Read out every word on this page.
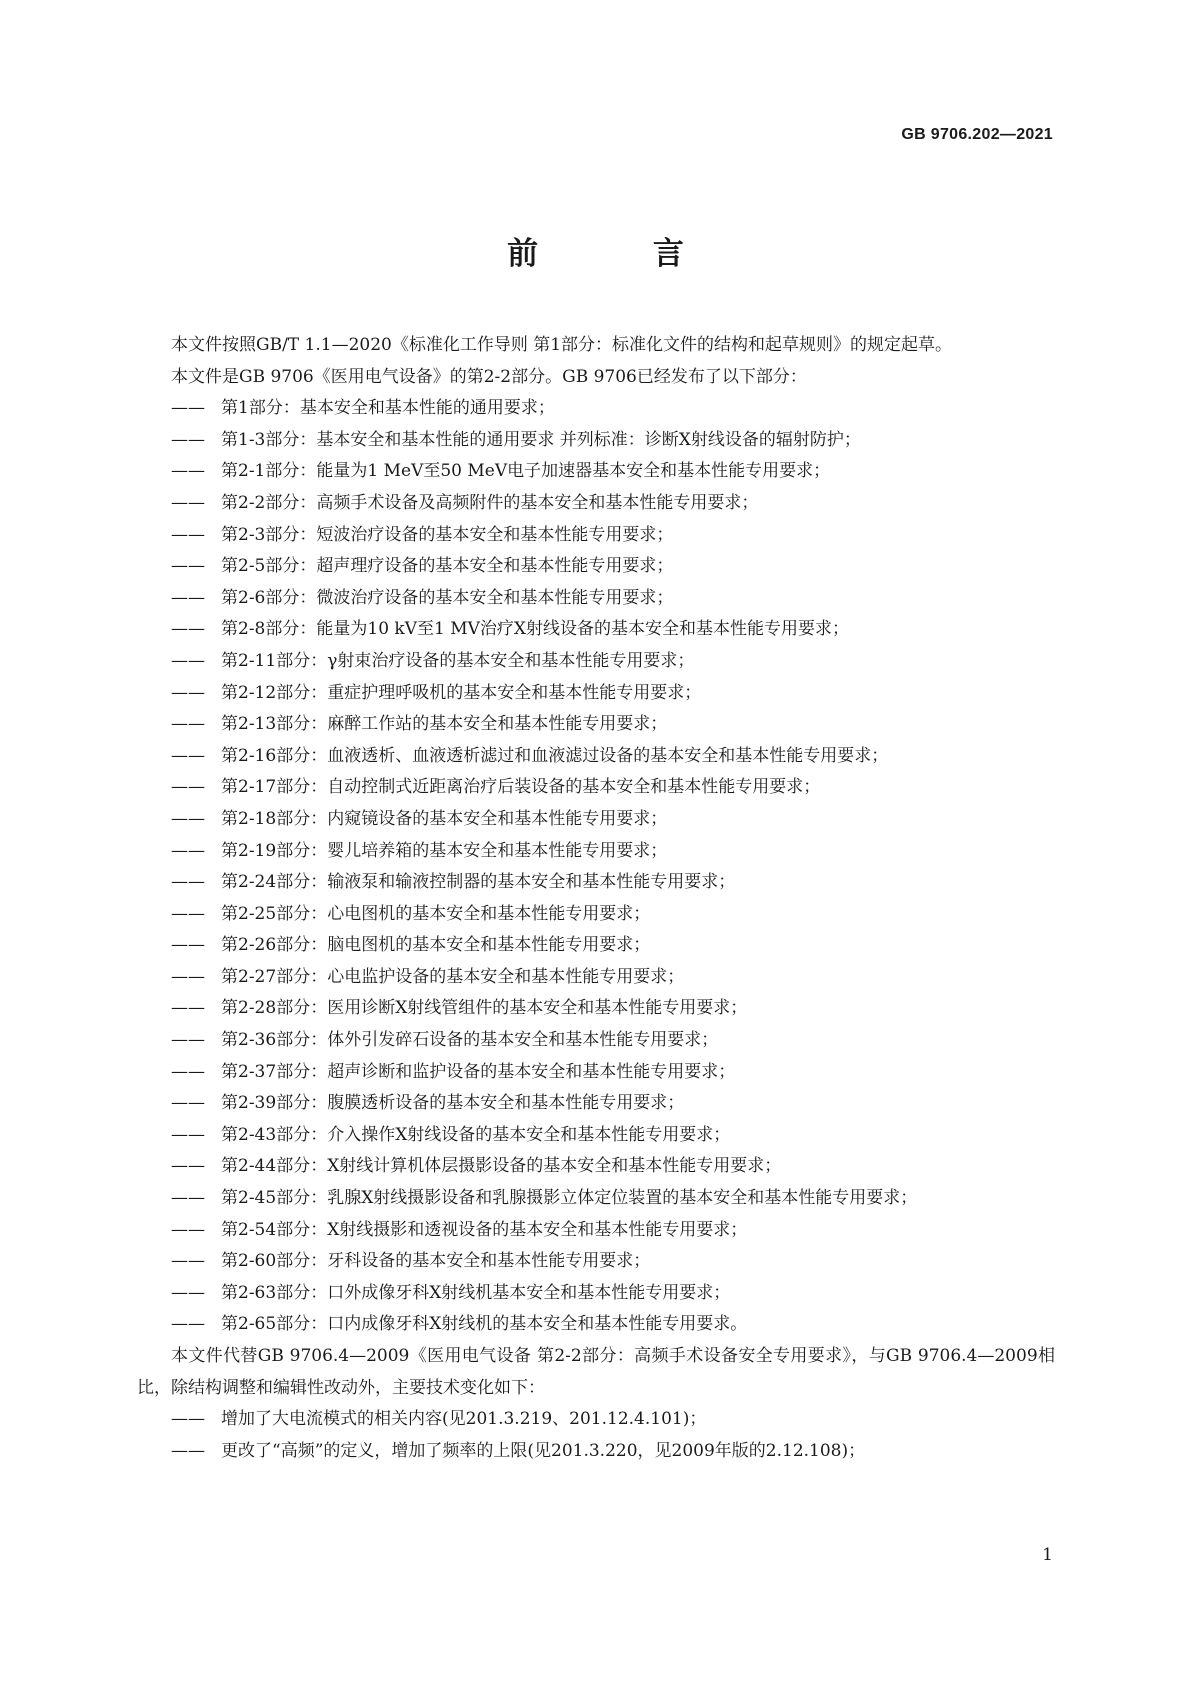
GB 9706.202—2021
前 言

本文件按照GB/T 1.1—2020《标准化工作导则 第1部分：标准化文件的结构和起草规则》的规定起草。

本文件是GB 9706《医用电气设备》的第2-2部分。GB 9706已经发布了以下部分：

—— 第1部分：基本安全和基本性能的通用要求；
—— 第1-3部分：基本安全和基本性能的通用要求 并列标准：诊断X射线设备的辐射防护；
—— 第2-1部分：能量为1 MeV至50 MeV电子加速器基本安全和基本性能专用要求；
—— 第2-2部分：高频手术设备及高频附件的基本安全和基本性能专用要求；
—— 第2-3部分：短波治疗设备的基本安全和基本性能专用要求；
—— 第2-5部分：超声理疗设备的基本安全和基本性能专用要求；
—— 第2-6部分：微波治疗设备的基本安全和基本性能专用要求；
—— 第2-8部分：能量为10 kV至1 MV治疗X射线设备的基本安全和基本性能专用要求；
—— 第2-11部分：γ射束治疗设备的基本安全和基本性能专用要求；
—— 第2-12部分：重症护理呼吸机的基本安全和基本性能专用要求；
—— 第2-13部分：麻醉工作站的基本安全和基本性能专用要求；
—— 第2-16部分：血液透析、血液透析滤过和血液滤过设备的基本安全和基本性能专用要求；
—— 第2-17部分：自动控制式近距离治疗后装设备的基本安全和基本性能专用要求；
—— 第2-18部分：内窥镜设备的基本安全和基本性能专用要求；
—— 第2-19部分：婴儿培养箱的基本安全和基本性能专用要求；
—— 第2-24部分：输液泵和输液控制器的基本安全和基本性能专用要求；
—— 第2-25部分：心电图机的基本安全和基本性能专用要求；
—— 第2-26部分：脑电图机的基本安全和基本性能专用要求；
—— 第2-27部分：心电监护设备的基本安全和基本性能专用要求；
—— 第2-28部分：医用诊断X射线管组件的基本安全和基本性能专用要求；
—— 第2-36部分：体外引发碎石设备的基本安全和基本性能专用要求；
—— 第2-37部分：超声诊断和监护设备的基本安全和基本性能专用要求；
—— 第2-39部分：腹膜透析设备的基本安全和基本性能专用要求；
—— 第2-43部分：介入操作X射线设备的基本安全和基本性能专用要求；
—— 第2-44部分：X射线计算机体层摄影设备的基本安全和基本性能专用要求；
—— 第2-45部分：乳腺X射线摄影设备和乳腺摄影立体定位装置的基本安全和基本性能专用要求；
—— 第2-54部分：X射线摄影和透视设备的基本安全和基本性能专用要求；
—— 第2-60部分：牙科设备的基本安全和基本性能专用要求；
—— 第2-63部分：口外成像牙科X射线机基本安全和基本性能专用要求；
—— 第2-65部分：口内成像牙科X射线机的基本安全和基本性能专用要求。

本文件代替GB 9706.4—2009《医用电气设备 第2-2部分：高频手术设备安全专用要求》，与GB 9706.4—2009相比，除结构调整和编辑性改动外，主要技术变化如下：

—— 增加了大电流模式的相关内容(见201.3.219、201.12.4.101)；
—— 更改了“高频”的定义，增加了频率的上限(见201.3.220，见2009年版的2.12.108)；
1
